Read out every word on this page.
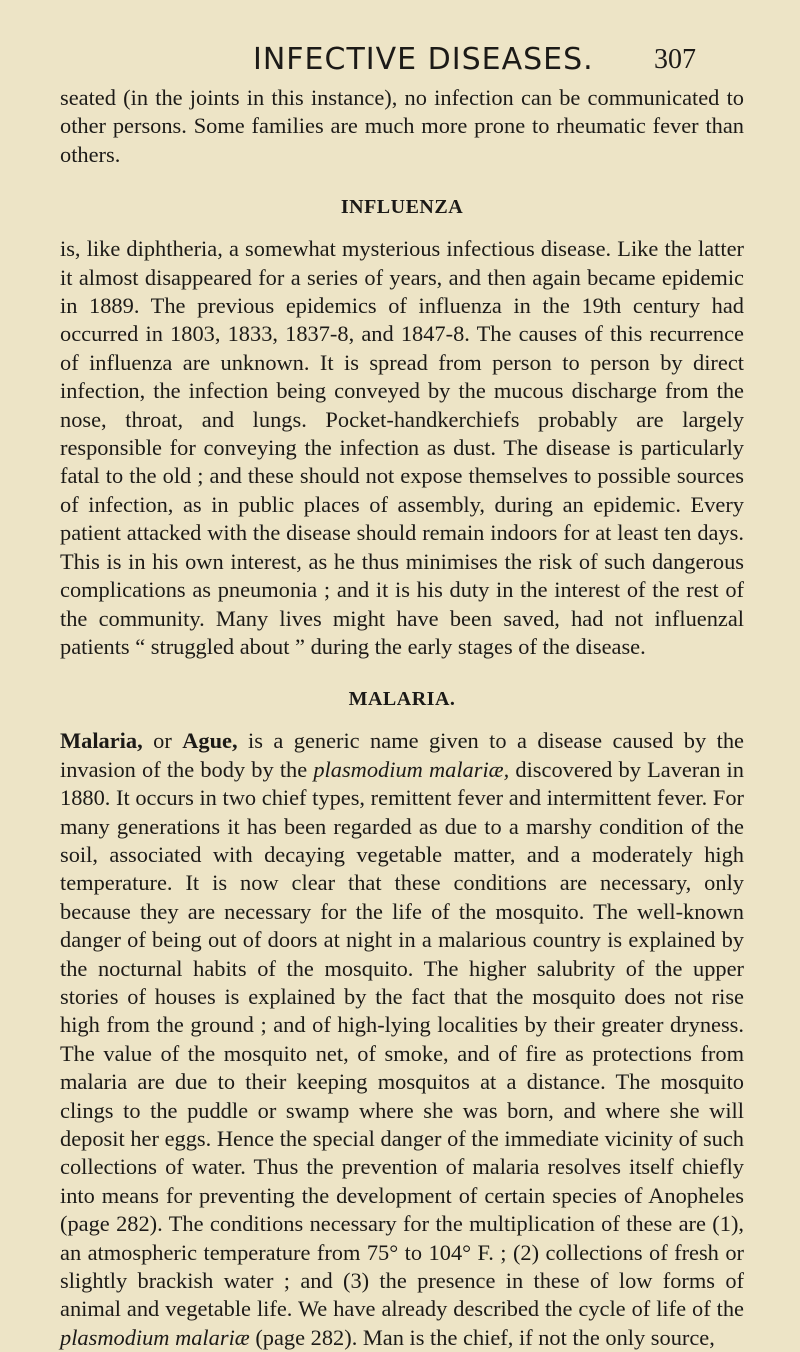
INFECTIVE DISEASES. 307

seated (in the joints in this instance), no infection can be communicated to other persons. Some families are much more prone to rheumatic fever than others.

INFLUENZA

is, like diphtheria, a somewhat mysterious infectious disease. Like the latter it almost disappeared for a series of years, and then again became epidemic in 1889. The previous epidemics of influenza in the 19th century had occurred in 1803, 1833, 1837-8, and 1847-8. The causes of this recurrence of influenza are unknown. It is spread from person to person by direct infection, the infection being conveyed by the mucous discharge from the nose, throat, and lungs. Pocket-handkerchiefs probably are largely responsible for conveying the infection as dust. The disease is particularly fatal to the old ; and these should not expose themselves to possible sources of infection, as in public places of assembly, during an epidemic. Every patient attacked with the disease should remain indoors for at least ten days. This is in his own interest, as he thus minimises the risk of such dangerous complications as pneumonia ; and it is his duty in the interest of the rest of the community. Many lives might have been saved, had not influenzal patients “ struggled about ” during the early stages of the disease.

MALARIA.

Malaria, or Ague, is a generic name given to a disease caused by the invasion of the body by the plasmodium malariæ, discovered by Laveran in 1880. It occurs in two chief types, remittent fever and intermittent fever. For many generations it has been regarded as due to a marshy condition of the soil, associated with decaying vegetable matter, and a moderately high temperature. It is now clear that these conditions are necessary, only because they are necessary for the life of the mosquito. The well-known danger of being out of doors at night in a malarious country is explained by the nocturnal habits of the mosquito. The higher salubrity of the upper stories of houses is explained by the fact that the mosquito does not rise high from the ground ; and of high-lying localities by their greater dryness. The value of the mosquito net, of smoke, and of fire as protections from malaria are due to their keeping mosquitos at a distance. The mosquito clings to the puddle or swamp where she was born, and where she will deposit her eggs. Hence the special danger of the immediate vicinity of such collections of water. Thus the prevention of malaria resolves itself chiefly into means for preventing the development of certain species of Anopheles (page 282). The conditions necessary for the multiplication of these are (1), an atmospheric temperature from 75° to 104° F. ; (2) collections of fresh or slightly brackish water ; and (3) the presence in these of low forms of animal and vegetable life. We have already described the cycle of life of the plasmodium malariæ (page 282). Man is the chief, if not the only source,
